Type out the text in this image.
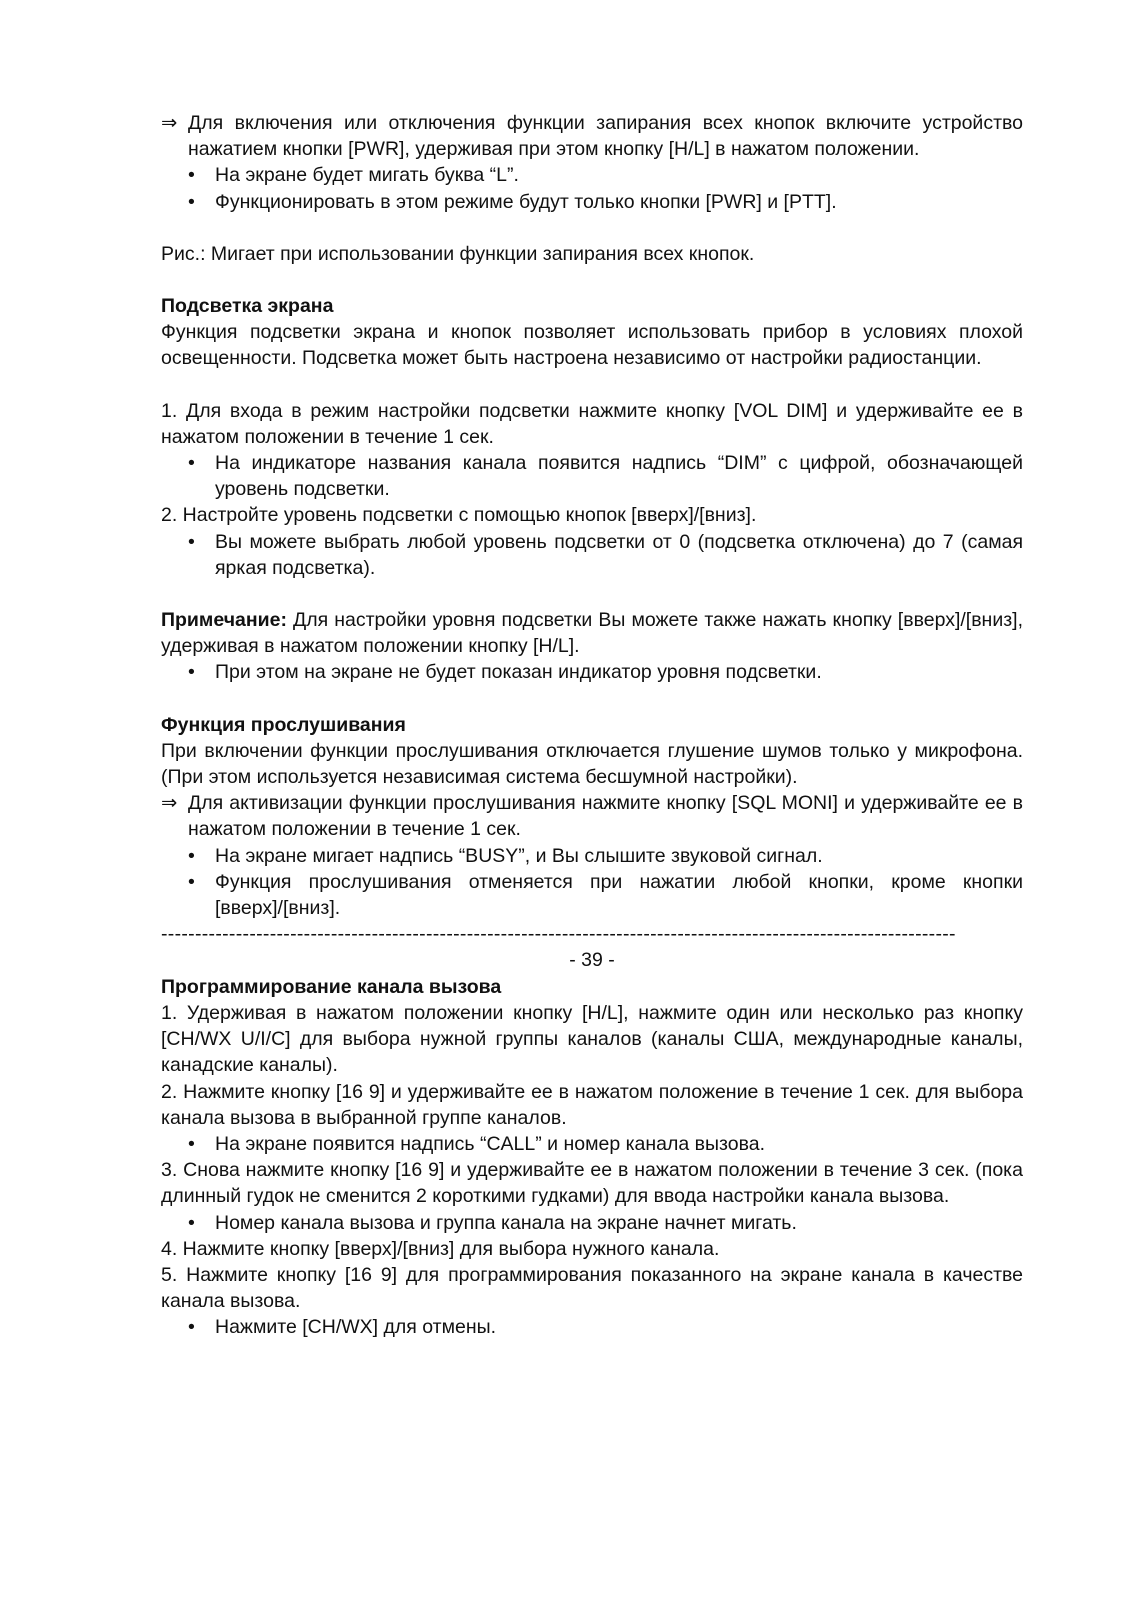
⇒ Для включения или отключения функции запирания всех кнопок включите устройство нажатием кнопки [PWR], удерживая при этом кнопку [H/L] в нажатом положении.

• На экране будет мигать буква “L”.

• Функционировать в этом режиме будут только кнопки [PWR] и [PTT].

Рис.: Мигает при использовании функции запирания всех кнопок.

Подсветка экрана

Функция подсветки экрана и кнопок позволяет использовать прибор в условиях плохой освещенности. Подсветка может быть настроена независимо от настройки радиостанции.

1. Для входа в режим настройки подсветки нажмите кнопку [VOL DIM] и удерживайте ее в нажатом положении в течение 1 сек.

• На индикаторе названия канала появится надпись “DIM” с цифрой, обозначающей уровень подсветки.

2. Настройте уровень подсветки с помощью кнопок [вверх]/[вниз].

• Вы можете выбрать любой уровень подсветки от 0 (подсветка отключена) до 7 (самая яркая подсветка).

Примечание: Для настройки уровня подсветки Вы можете также нажать кнопку [вверх]/[вниз], удерживая в нажатом положении кнопку [H/L].

• При этом на экране не будет показан индикатор уровня подсветки.

Функция прослушивания

При включении функции прослушивания отключается глушение шумов только у микрофона. (При этом используется независимая система бесшумной настройки).

⇒ Для активизации функции прослушивания нажмите кнопку [SQL MONI] и удерживайте ее в нажатом положении в течение 1 сек.

• На экране мигает надпись “BUSY”, и Вы слышите звуковой сигнал.

• Функция прослушивания отменяется при нажатии любой кнопки, кроме кнопки [вверх]/[вниз].

---------------------------------------------------------------------------------------------------------------------

- 39 -

Программирование канала вызова

1. Удерживая в нажатом положении кнопку [H/L], нажмите один или несколько раз кнопку [CH/WX U/I/C] для выбора нужной группы каналов (каналы США, международные каналы, канадские каналы).

2. Нажмите кнопку [16 9] и удерживайте ее в нажатом положение в течение 1 сек. для выбора канала вызова в выбранной группе каналов.

• На экране появится надпись “CALL” и номер канала вызова.

3. Снова нажмите кнопку [16 9] и удерживайте ее в нажатом положении в течение 3 сек. (пока длинный гудок не сменится 2 короткими гудками) для ввода настройки канала вызова.

• Номер канала вызова и группа канала на экране начнет мигать.

4. Нажмите кнопку [вверх]/[вниз] для выбора нужного канала.

5. Нажмите кнопку [16 9] для программирования показанного на экране канала в качестве канала вызова.

• Нажмите [CH/WX] для отмены.
